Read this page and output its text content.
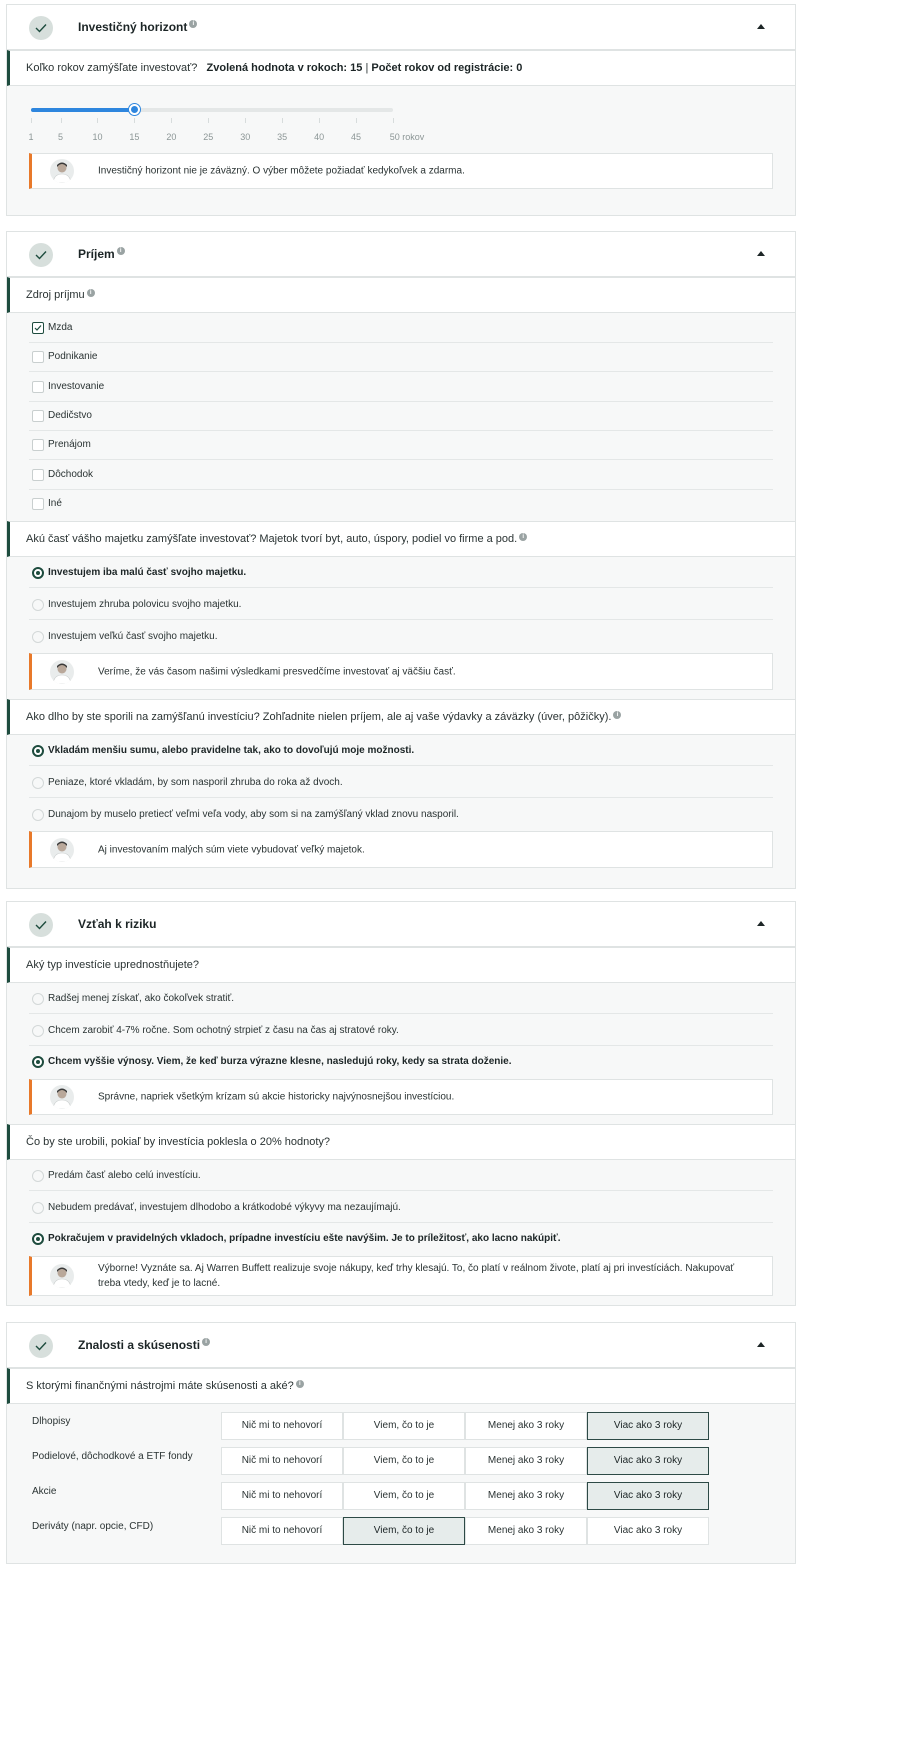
Investičný horizont i
Koľko rokov zamýšľate investovať? Zvolená hodnota v rokoch: 15 | Počet rokov od registrácie: 0
1	5	10	15	20	25	30	35	40	45	50 rokov
Investičný horizont nie je záväzný. O výber môžete požiadať kedykoľvek a zdarma.
Príjem i
Zdroj príjmu i
Mzda
Podnikanie
Investovanie
Dedičstvo
Prenájom
Dôchodok
Iné
Akú časť vášho majetku zamýšľate investovať? Majetok tvorí byt, auto, úspory, podiel vo firme a pod. i
Investujem iba malú časť svojho majetku.
Investujem zhruba polovicu svojho majetku.
Investujem veľkú časť svojho majetku.
Veríme, že vás časom našimi výsledkami presvedčíme investovať aj väčšiu časť.
Ako dlho by ste sporili na zamýšľanú investíciu? Zohľadnite nielen príjem, ale aj vaše výdavky a záväzky (úver, pôžičky). i
Vkladám menšiu sumu, alebo pravidelne tak, ako to dovoľujú moje možnosti.
Peniaze, ktoré vkladám, by som nasporil zhruba do roka až dvoch.
Dunajom by muselo pretiecť veľmi veľa vody, aby som si na zamýšľaný vklad znovu nasporil.
Aj investovaním malých súm viete vybudovať veľký majetok.
Vzťah k riziku
Aký typ investície uprednostňujete?
Radšej menej získať, ako čokoľvek stratiť.
Chcem zarobiť 4-7% ročne. Som ochotný strpieť z času na čas aj stratové roky.
Chcem vyššie výnosy. Viem, že keď burza výrazne klesne, nasledujú roky, kedy sa strata doženie.
Správne, napriek všetkým krízam sú akcie historicky najvýnosnejšou investíciou.
Čo by ste urobili, pokiaľ by investícia poklesla o 20% hodnoty?
Predám časť alebo celú investíciu.
Nebudem predávať, investujem dlhodobo a krátkodobé výkyvy ma nezaujímajú.
Pokračujem v pravidelných vkladoch, prípadne investíciu ešte navýšim. Je to príležitosť, ako lacno nakúpiť.
Výborne! Vyznáte sa. Aj Warren Buffett realizuje svoje nákupy, keď trhy klesajú. To, čo platí v reálnom živote, platí aj pri investíciách. Nakupovať treba vtedy, keď je to lacné.
Znalosti a skúsenosti i
S ktorými finančnými nástrojmi máte skúsenosti a aké? i
Dlhopisy	Nič mi to nehovorí	Viem, čo to je	Menej ako 3 roky	Viac ako 3 roky
Podielové, dôchodkové a ETF fondy	Nič mi to nehovorí	Viem, čo to je	Menej ako 3 roky	Viac ako 3 roky
Akcie	Nič mi to nehovorí	Viem, čo to je	Menej ako 3 roky	Viac ako 3 roky
Deriváty (napr. opcie, CFD)	Nič mi to nehovorí	Viem, čo to je	Menej ako 3 roky	Viac ako 3 roky
